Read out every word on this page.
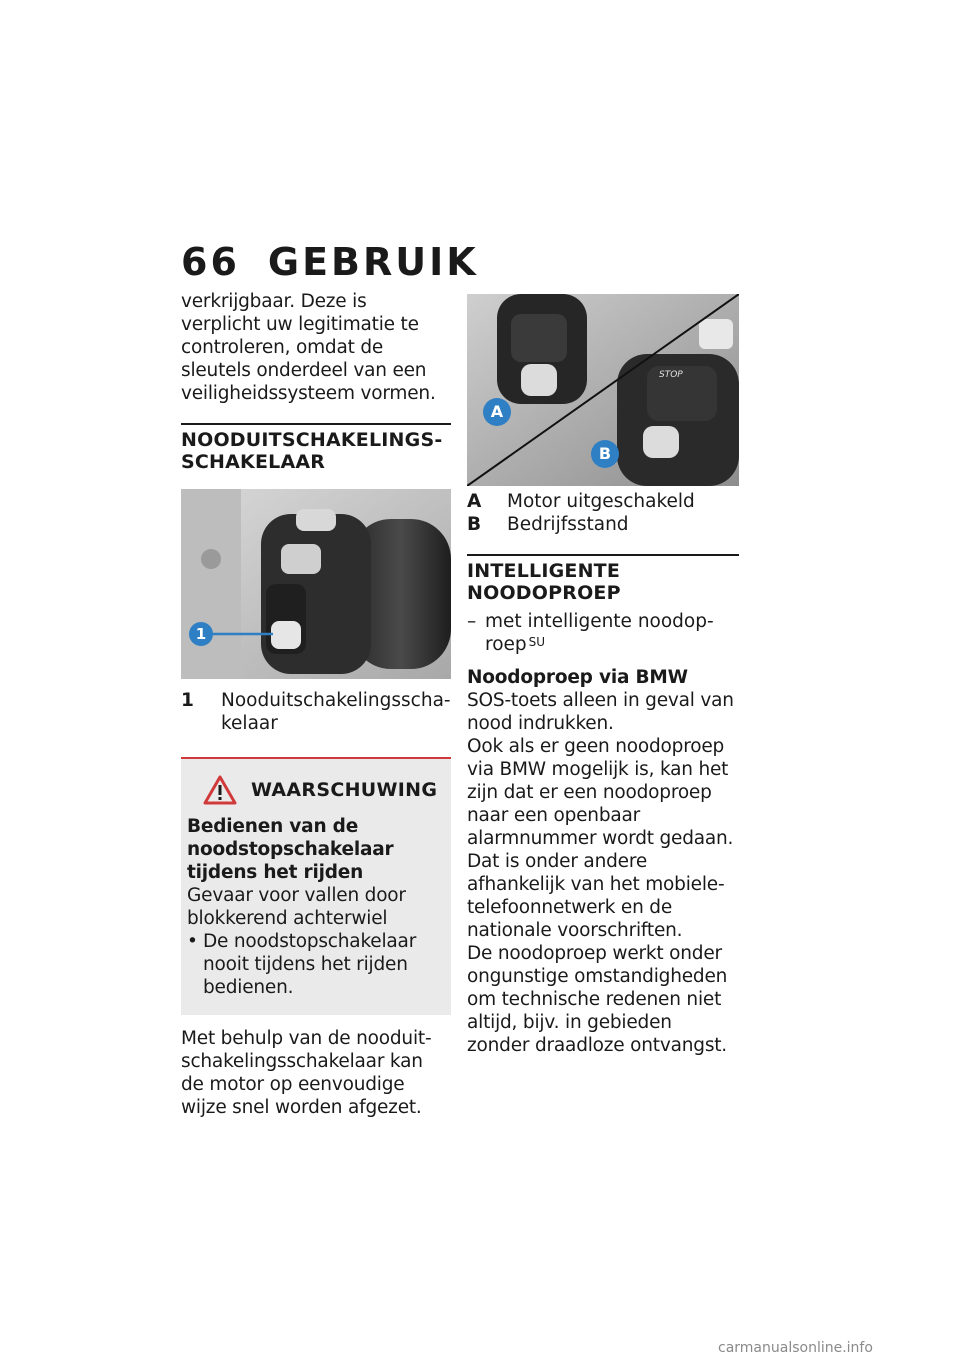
66 GEBRUIK

verkrijgbaar. Deze is verplicht uw legitimatie te controleren, omdat de sleutels onderdeel van een veiligheidssysteem vormen.

NOODUITSCHAKELINGSSCHAKELAAR
1
1	Nooduitschakelingsschakelaar
WAARSCHUWING

Bedienen van de noodstopschakelaar tijdens het rijden

Gevaar voor vallen door blokkerend achterwiel

• De noodstopschakelaar nooit tijdens het rijden bedienen.

Met behulp van de nooduitschakelingsschakelaar kan de motor op eenvoudige wijze snel worden afgezet.

STOP
A
B
A	Motor uitgeschakeld
B	Bedrijfsstand
INTELLIGENTE NOODOPROEP
– met intelligente noodoproep $^{SU}$

Noodoproep via BMW

SOS-toets alleen in geval van nood indrukken.

Ook als er geen noodoproep via BMW mogelijk is, kan het zijn dat er een noodoproep naar een openbaar alarmnummer wordt gedaan. Dat is onder andere afhankelijk van het mobiele-telefoonnetwerk en de nationale voorschriften.

De noodoproep werkt onder ongunstige omstandigheden om technische redenen niet altijd, bijv. in gebieden zonder draadloze ontvangst.

carmanualsonline.info
